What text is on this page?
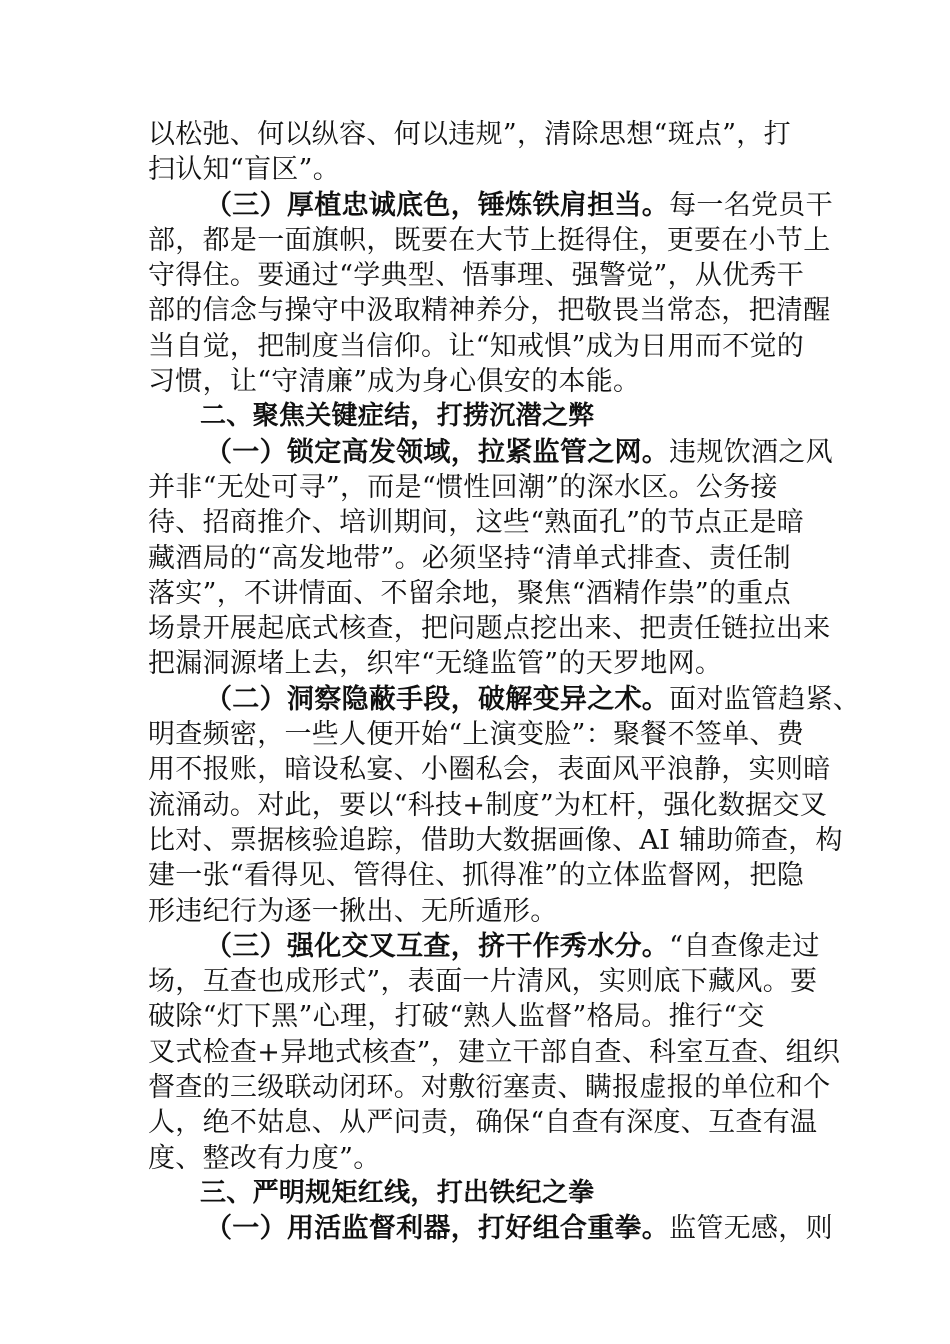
以松弛、何以纵容、何以违规”，清除思想“斑点”，打
扫认知“盲区”。
（三）厚植忠诚底色，锤炼铁肩担当。每一名党员干
部，都是一面旗帜，既要在大节上挺得住，更要在小节上
守得住。要通过“学典型、悟事理、强警觉”，从优秀干
部的信念与操守中汲取精神养分，把敬畏当常态，把清醒
当自觉，把制度当信仰。让“知戒惧”成为日用而不觉的
习惯，让“守清廉”成为身心俱安的本能。
二、聚焦关键症结，打捞沉潜之弊
（一）锁定高发领域，拉紧监管之网。违规饮酒之风
并非“无处可寻”，而是“惯性回潮”的深水区。公务接
待、招商推介、培训期间，这些“熟面孔”的节点正是暗
藏酒局的“高发地带”。必须坚持“清单式排查、责任制
落实”，不讲情面、不留余地，聚焦“酒精作祟”的重点
场景开展起底式核查，把问题点挖出来、把责任链拉出来
把漏洞源堵上去，织牢“无缝监管”的天罗地网。
（二）洞察隐蔽手段，破解变异之术。面对监管趋紧、
明查频密，一些人便开始“上演变脸”：聚餐不签单、费
用不报账，暗设私宴、小圈私会，表面风平浪静，实则暗
流涌动。对此，要以“科技+制度”为杠杆，强化数据交叉
比对、票据核验追踪，借助大数据画像、AI 辅助筛查，构
建一张“看得见、管得住、抓得准”的立体监督网，把隐
形违纪行为逐一揪出、无所遁形。
（三）强化交叉互查，挤干作秀水分。“自查像走过
场，互查也成形式”，表面一片清风，实则底下藏风。要
破除“灯下黑”心理，打破“熟人监督”格局。推行“交
叉式检查+异地式核查”，建立干部自查、科室互查、组织
督查的三级联动闭环。对敷衍塞责、瞒报虚报的单位和个
人，绝不姑息、从严问责，确保“自查有深度、互查有温
度、整改有力度”。
三、严明规矩红线，打出铁纪之拳
（一）用活监督利器，打好组合重拳。监管无感，则
